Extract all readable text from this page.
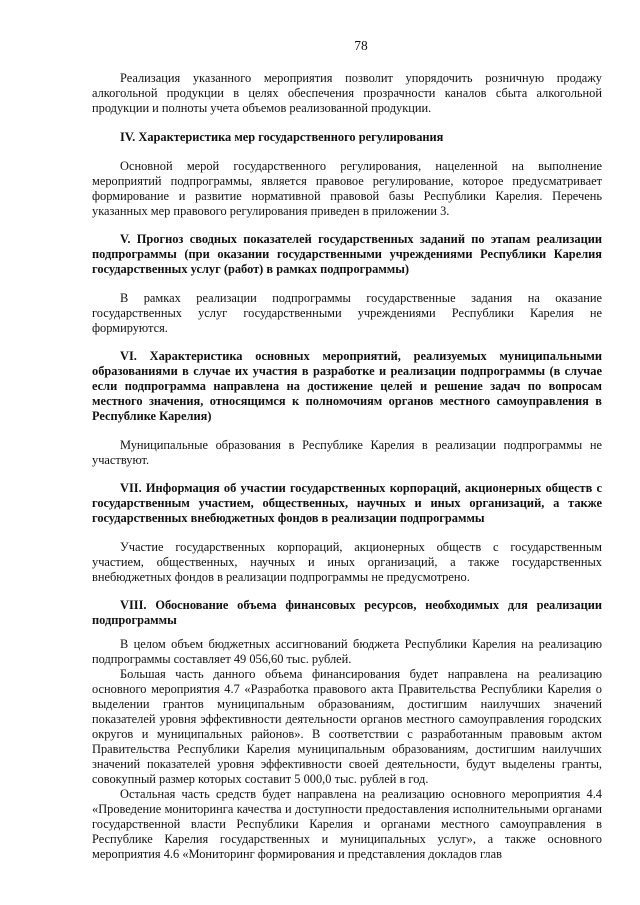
78

Реализация указанного мероприятия позволит упорядочить розничную продажу алкогольной продукции в целях обеспечения прозрачности каналов сбыта алкогольной продукции и полноты учета объемов реализованной продукции.

IV. Характеристика мер государственного регулирования

Основной мерой государственного регулирования, нацеленной на выполнение мероприятий подпрограммы, является правовое регулирование, которое предусматривает формирование и развитие нормативной правовой базы Республики Карелия. Перечень указанных мер правового регулирования приведен в приложении 3.

V. Прогноз сводных показателей государственных заданий по этапам реализации подпрограммы (при оказании государственными учреждениями Республики Карелия государственных услуг (работ) в рамках подпрограммы)

В рамках реализации подпрограммы государственные задания на оказание государственных услуг государственными учреждениями Республики Карелия не формируются.

VI. Характеристика основных мероприятий, реализуемых муниципальными образованиями в случае их участия в разработке и реализации подпрограммы (в случае если подпрограмма направлена на достижение целей и решение задач по вопросам местного значения, относящимся к полномочиям органов местного самоуправления в Республике Карелия)

Муниципальные образования в Республике Карелия в реализации подпрограммы не участвуют.

VII. Информация об участии государственных корпораций, акционерных обществ с государственным участием, общественных, научных и иных организаций, а также государственных внебюджетных фондов в реализации подпрограммы

Участие государственных корпораций, акционерных обществ с государственным участием, общественных, научных и иных организаций, а также государственных внебюджетных фондов в реализации подпрограммы не предусмотрено.

VIII. Обоснование объема финансовых ресурсов, необходимых для реализации подпрограммы

В целом объем бюджетных ассигнований бюджета Республики Карелия на реализацию подпрограммы составляет 49 056,60 тыс. рублей.

Большая часть данного объема финансирования будет направлена на реализацию основного мероприятия 4.7 «Разработка правового акта Правительства Республики Карелия о выделении грантов муниципальным образованиям, достигшим наилучших значений показателей уровня эффективности деятельности органов местного самоуправления городских округов и муниципальных районов». В соответствии с разработанным правовым актом Правительства Республики Карелия муниципальным образованиям, достигшим наилучших значений показателей уровня эффективности своей деятельности, будут выделены гранты, совокупный размер которых составит 5 000,0 тыс. рублей в год.

Остальная часть средств будет направлена на реализацию основного мероприятия 4.4 «Проведение мониторинга качества и доступности предоставления исполнительными органами государственной власти Республики Карелия и органами местного самоуправления в Республике Карелия государственных и муниципальных услуг», а также основного мероприятия 4.6 «Мониторинг формирования и представления докладов глав
